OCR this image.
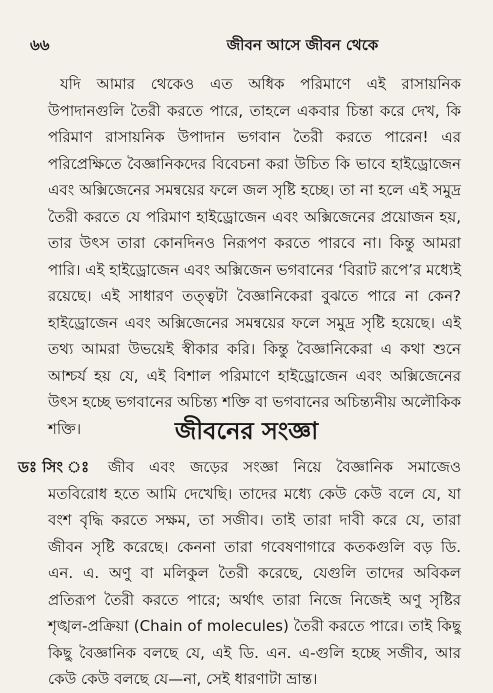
৬৬	জীবন আসে জীবন থেকে
যদি আমার থেকেও এত অধিক পরিমাণে এই রাসায়নিক উপাদানগুলি তৈরী করতে পারে, তাহলে একবার চিন্তা করে দেখ, কি পরিমাণ রাসায়নিক উপাদান ভগবান তৈরী করতে পারেন! এর পরিপ্রেক্ষিতে বৈজ্ঞানিকদের বিবেচনা করা উচিত কি ভাবে হাইড্রোজেন এবং অক্সিজেনের সমন্বয়ের ফলে জল সৃষ্টি হচ্ছে। তা না হলে এই সমুদ্র তৈরী করতে যে পরিমাণ হাইড্রোজেন এবং অক্সিজেনের প্রয়োজন হয়, তার উৎস তারা কোনদিনও নিরূপণ করতে পারবে না। কিন্তু আমরা পারি। এই হাইড্রোজেন এবং অক্সিজেন ভগবানের ‘বিরাট রূপে’র মধ্যেই রয়েছে। এই সাধারণ তত্ত্বটা বৈজ্ঞানিকেরা বুঝতে পারে না কেন? হাইড্রোজেন এবং অক্সিজেনের সমন্বয়ের ফলে সমুদ্র সৃষ্টি হয়েছে। এই তথ্য আমরা উভয়েই স্বীকার করি। কিন্তু বৈজ্ঞানিকেরা এ কথা শুনে আশ্চর্য হয় যে, এই বিশাল পরিমাণে হাইড্রোজেন এবং অক্সিজেনের উৎস হচ্ছে ভগবানের অচিন্ত্য শক্তি বা ভগবানের অচিন্ত্যনীয় অলৌকিক শক্তি।	জীবনের সংজ্ঞা
ডঃ সিং ঃ	জীব এবং জড়ের সংজ্ঞা নিয়ে বৈজ্ঞানিক সমাজেও মতবিরোধ হতে আমি দেখেছি। তাদের মধ্যে কেউ কেউ বলে যে, যা বংশ বৃদ্ধি করতে সক্ষম, তা সজীব। তাই তারা দাবী করে যে, তারা জীবন সৃষ্টি করেছে। কেননা তারা গবেষণাগারে কতকগুলি বড় ডি. এন. এ. অণু বা মলিকুল তৈরী করেছে, যেগুলি তাদের অবিকল প্রতিরূপ তৈরী করতে পারে; অর্থাৎ তারা নিজে নিজেই অণু সৃষ্টির শৃঙ্খল-প্রক্রিয়া (Chain of molecules) তৈরী করতে পারে। তাই কিছু কিছু বৈজ্ঞানিক বলছে যে, এই ডি. এন. এ-গুলি হচ্ছে সজীব, আর কেউ কেউ বলছে যে—না, সেই ধারণাটা ভ্রান্ত।
